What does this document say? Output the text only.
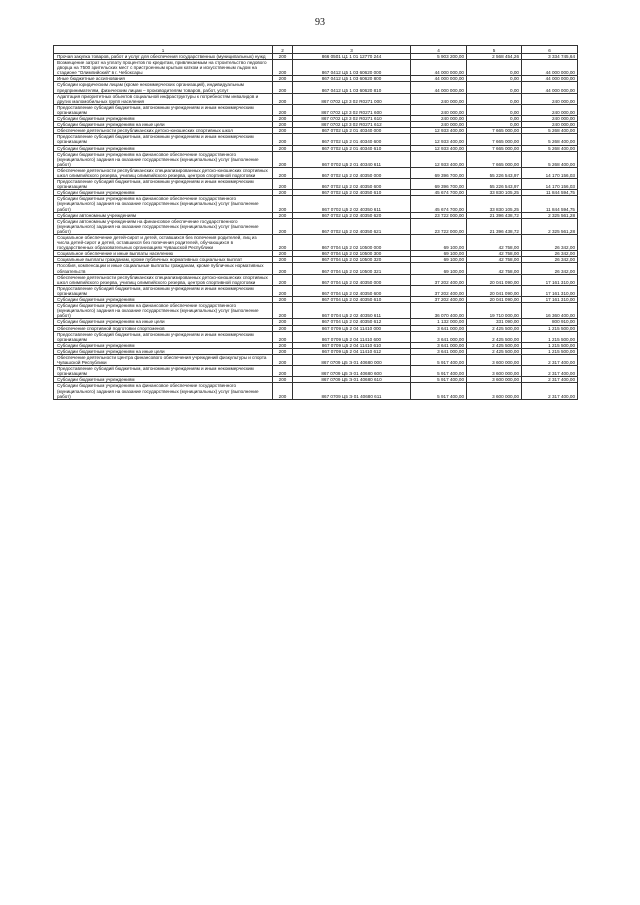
93
1	2	3	4	5	6
Прочая закупка товаров, работ и услуг для обеспечения государственных (муниципальных) нужд	200	866 0501 Ц1 1 01 12770 244	5 903 200,00	2 568 454,26	3 334 745,64
Возмещение затрат на уплату процентов по кредитам, привлекаемым на строительство ледового дворца на 7500 зрительских мест с пристроенным крытым катком и искусственным льдом на стадионе "Олимпийский" в г. Чебоксары	200	867 0412 Ц5 1 03 60620 000	44 000 000,00	0,00	44 000 000,00
Иные бюджетные ассигнования	200	867 0412 Ц5 1 03 60620 800	44 000 000,00	0,00	44 000 000,00
Субсидии юридическим лицам (кроме некоммерческих организаций), индивидуальным предпринимателям, физическим лицам – производителям товаров, работ, услуг	200	867 0412 Ц5 1 03 60620 810	44 000 000,00	0,00	44 000 000,00
Адаптация приоритетных объектов социальной инфраструктуры к потребностям инвалидов и других маломобильных групп населения	200	867 0702 Ц3 3 02 R0271 000	240 000,00	0,00	240 000,00
Предоставление субсидий бюджетным, автономным учреждениям и иным некоммерческим организациям	200	867 0702 Ц3 3 02 R0271 600	240 000,00	0,00	240 000,00
Субсидии бюджетным учреждениям	200	867 0702 Ц3 3 02 R0271 610	240 000,00	0,00	240 000,00
Субсидии бюджетным учреждениям на иные цели	200	867 0702 Ц3 3 02 R0271 612	240 000,00	0,00	240 000,00
Обеспечение деятельности республиканских детско-юношеских спортивных школ	200	867 0702 Ц5 2 01 40340 000	12 933 400,00	7 665 000,00	5 268 400,00
Предоставление субсидий бюджетным, автономным учреждениям и иным некоммерческим организациям	200	867 0702 Ц5 2 01 40340 600	12 933 400,00	7 665 000,00	5 268 400,00
Субсидии бюджетным учреждениям	200	867 0702 Ц5 2 01 40340 610	12 933 400,00	7 665 000,00	5 268 400,00
Субсидии бюджетным учреждениям на финансовое обеспечение государственного (муниципального) задания на оказание государственных (муниципальных) услуг (выполнение работ)	200	867 0702 Ц5 2 01 40340 611	12 933 400,00	7 665 000,00	5 268 400,00
Обеспечение деятельности республиканских специализированных детско-юношеских спортивных школ олимпийского резерва, училищ олимпийского резерва, центров спортивной подготовки	200	867 0702 Ц5 2 02 40350 000	69 396 700,00	55 226 543,97	14 170 156,03
Предоставление субсидий бюджетным, автономным учреждениям и иным некоммерческим организациям	200	867 0702 Ц5 2 02 40350 600	69 396 700,00	55 226 543,97	14 170 156,03
Субсидии бюджетным учреждениям	200	867 0702 Ц5 2 02 40350 610	45 674 700,00	33 830 105,25	11 844 594,75
Субсидии бюджетным учреждениям на финансовое обеспечение государственного (муниципального) задания на оказание государственных (муниципальных) услуг (выполнение работ)	200	867 0702 Ц5 2 02 40350 611	45 674 700,00	33 830 105,25	11 844 594,75
Субсидии автономным учреждениям	200	867 0702 Ц5 2 02 40350 620	23 722 000,00	21 396 438,72	2 325 561,28
Субсидии автономным учреждениям на финансовое обеспечение государственного (муниципального) задания на оказание государственных (муниципальных) услуг (выполнение работ)	200	867 0702 Ц5 2 02 40350 621	23 722 000,00	21 396 438,72	2 325 561,28
Социальное обеспечение детей-сирот и детей, оставшихся без попечения родителей, лиц из числа детей-сирот и детей, оставшихся без попечения родителей, обучающихся в государственных образовательных организациях Чувашской Республики	200	867 0704 Ц5 2 02 10500 000	69 100,00	42 758,00	26 342,00
Социальное обеспечение и иные выплаты населению	200	867 0704 Ц5 2 02 10500 300	69 100,00	42 758,00	26 342,00
Социальные выплаты гражданам, кроме публичных нормативных социальных выплат	200	867 0704 Ц5 2 02 10500 320	69 100,00	42 758,00	26 342,00
Пособия, компенсации и иные социальные выплаты гражданам, кроме публичных нормативных обязательств	200	867 0704 Ц5 2 02 10500 321	69 100,00	42 758,00	26 342,00
Обеспечение деятельности республиканских специализированных детско-юношеских спортивных школ олимпийского резерва, училищ олимпийского резерва, центров спортивной подготовки	200	867 0704 Ц5 2 02 40350 000	37 202 400,00	20 041 090,00	17 161 310,00
Предоставление субсидий бюджетным, автономным учреждениям и иным некоммерческим организациям	200	867 0704 Ц5 2 02 40350 600	37 202 400,00	20 041 090,00	17 161 310,00
Субсидии бюджетным учреждениям	200	867 0704 Ц5 2 02 40350 610	37 202 400,00	20 041 090,00	17 161 310,00
Субсидии бюджетным учреждениям на финансовое обеспечение государственного (муниципального) задания на оказание государственных (муниципальных) услуг (выполнение работ)	200	867 0704 Ц5 2 02 40350 611	36 070 400,00	19 710 000,00	16 360 400,00
Субсидии бюджетным учреждениям на иные цели	200	867 0704 Ц5 2 02 40350 612	1 132 000,00	331 090,00	800 910,00
Обеспечение спортивной подготовки спортсменов	200	867 0709 Ц5 2 04 11410 000	3 641 000,00	2 425 500,00	1 215 500,00
Предоставление субсидий бюджетным, автономным учреждениям и иным некоммерческим организациям	200	867 0709 Ц5 2 04 11410 600	3 641 000,00	2 425 500,00	1 215 500,00
Субсидии бюджетным учреждениям	200	867 0709 Ц5 2 04 11410 610	3 641 000,00	2 425 500,00	1 215 500,00
Субсидии бюджетным учреждениям на иные цели	200	867 0709 Ц5 2 04 11410 612	3 641 000,00	2 425 500,00	1 215 500,00
Обеспечение деятельности Центра финансового обеспечения учреждений физкультуры и спорта Чувашской Республики	200	867 0709 Ц5 Э 01 40680 000	5 917 400,00	3 600 000,00	2 317 400,00
Предоставление субсидий бюджетным, автономным учреждениям и иным некоммерческим организациям	200	867 0709 Ц5 Э 01 40680 600	5 917 400,00	3 600 000,00	2 317 400,00
Субсидии бюджетным учреждениям	200	867 0709 Ц5 Э 01 40680 610	5 917 400,00	3 600 000,00	2 317 400,00
Субсидии бюджетным учреждениям на финансовое обеспечение государственного (муниципального) задания на оказание государственных (муниципальных) услуг (выполнение работ)	200	867 0709 Ц5 Э 01 40680 611	5 917 400,00	3 600 000,00	2 317 400,00
